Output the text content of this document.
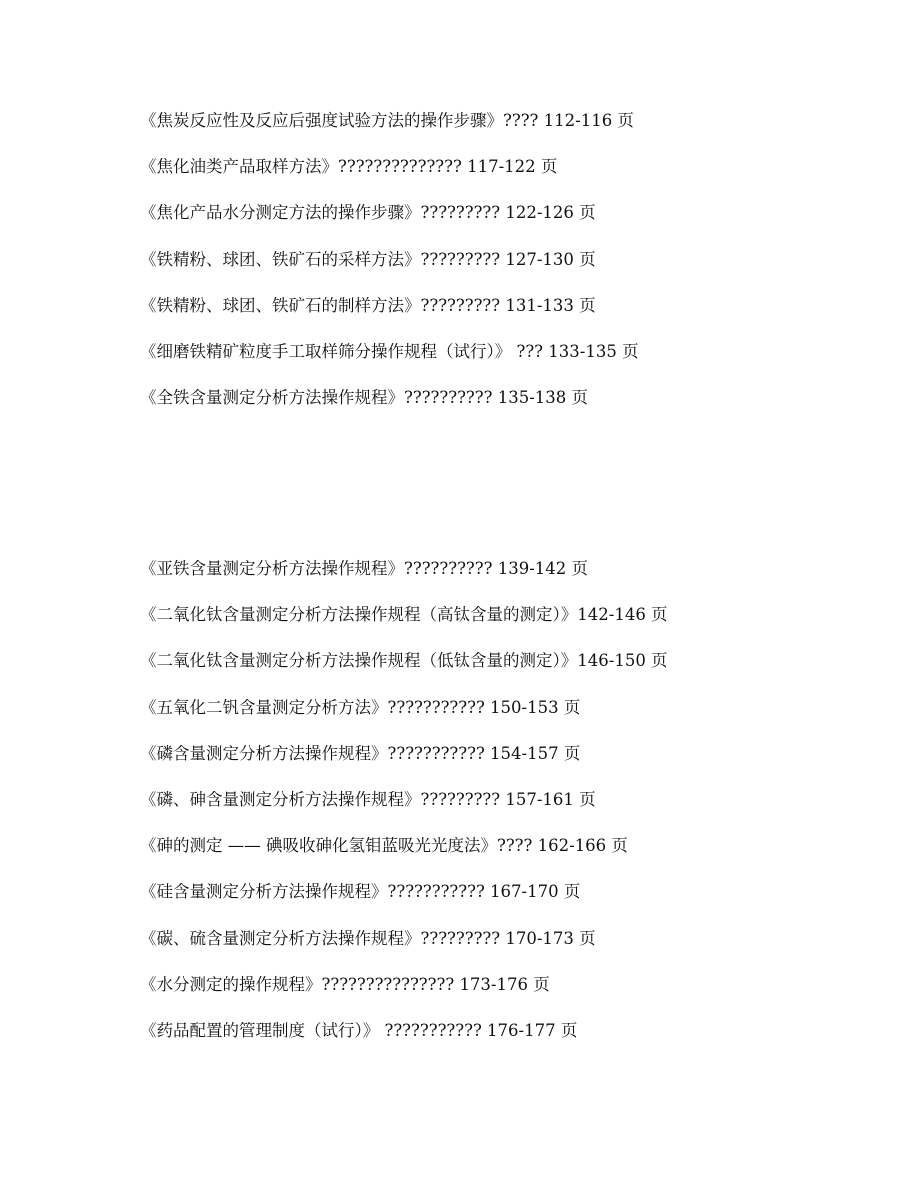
《焦炭反应性及反应后强度试验方法的操作步骤》???? 112-116 页
《焦化油类产品取样方法》?????????????? 117-122 页
《焦化产品水分测定方法的操作步骤》????????? 122-126 页
《铁精粉、球团、铁矿石的采样方法》????????? 127-130 页
《铁精粉、球团、铁矿石的制样方法》????????? 131-133 页
《细磨铁精矿粒度手工取样筛分操作规程（试行）》 ??? 133-135 页
《全铁含量测定分析方法操作规程》?????????? 135-138 页
《亚铁含量测定分析方法操作规程》?????????? 139-142 页
《二氧化钛含量测定分析方法操作规程（高钛含量的测定）》142-146 页
《二氧化钛含量测定分析方法操作规程（低钛含量的测定）》146-150 页
《五氧化二钒含量测定分析方法》??????????? 150-153 页
《磷含量测定分析方法操作规程》??????????? 154-157 页
《磷、砷含量测定分析方法操作规程》????????? 157-161 页
《砷的测定 —— 碘吸收砷化氢钼蓝吸光光度法》???? 162-166 页
《硅含量测定分析方法操作规程》??????????? 167-170 页
《碳、硫含量测定分析方法操作规程》????????? 170-173 页
《水分测定的操作规程》??????????????? 173-176 页
《药品配置的管理制度（试行）》 ??????????? 176-177 页
